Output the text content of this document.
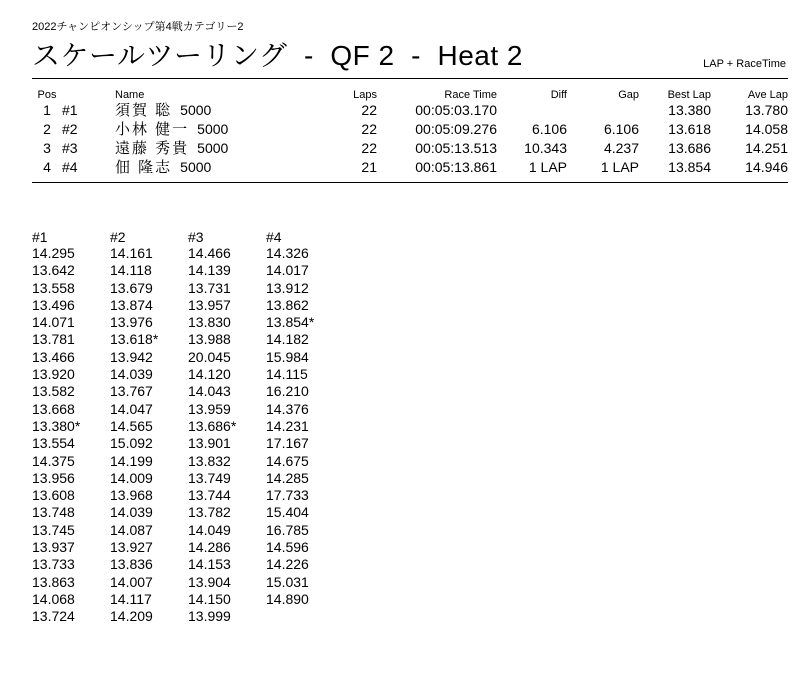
2022チャンピオンシップ第4戦カテゴリー2
スケールツーリング  -  QF 2  -  Heat 2	LAP + RaceTime
Pos		Name	Laps	Race Time	Diff	Gap	Best Lap	Ave Lap
1	#1	須賀 聡 5000	22	00:05:03.170			13.380	13.780
2	#2	小林 健一 5000	22	00:05:09.276	6.106	6.106	13.618	14.058
3	#3	遠藤 秀貴 5000	22	00:05:13.513	10.343	4.237	13.686	14.251
4	#4	佃 隆志 5000	21	00:05:13.861	1 LAP	1 LAP	13.854	14.946
#1	#2	#3	#4
14.295	14.161	14.466	14.326
13.642	14.118	14.139	14.017
13.558	13.679	13.731	13.912
13.496	13.874	13.957	13.862
14.071	13.976	13.830	13.854*
13.781	13.618*	13.988	14.182
13.466	13.942	20.045	15.984
13.920	14.039	14.120	14.115
13.582	13.767	14.043	16.210
13.668	14.047	13.959	14.376
13.380*	14.565	13.686*	14.231
13.554	15.092	13.901	17.167
14.375	14.199	13.832	14.675
13.956	14.009	13.749	14.285
13.608	13.968	13.744	17.733
13.748	14.039	13.782	15.404
13.745	14.087	14.049	16.785
13.937	13.927	14.286	14.596
13.733	13.836	14.153	14.226
13.863	14.007	13.904	15.031
14.068	14.117	14.150	14.890
13.724	14.209	13.999	
